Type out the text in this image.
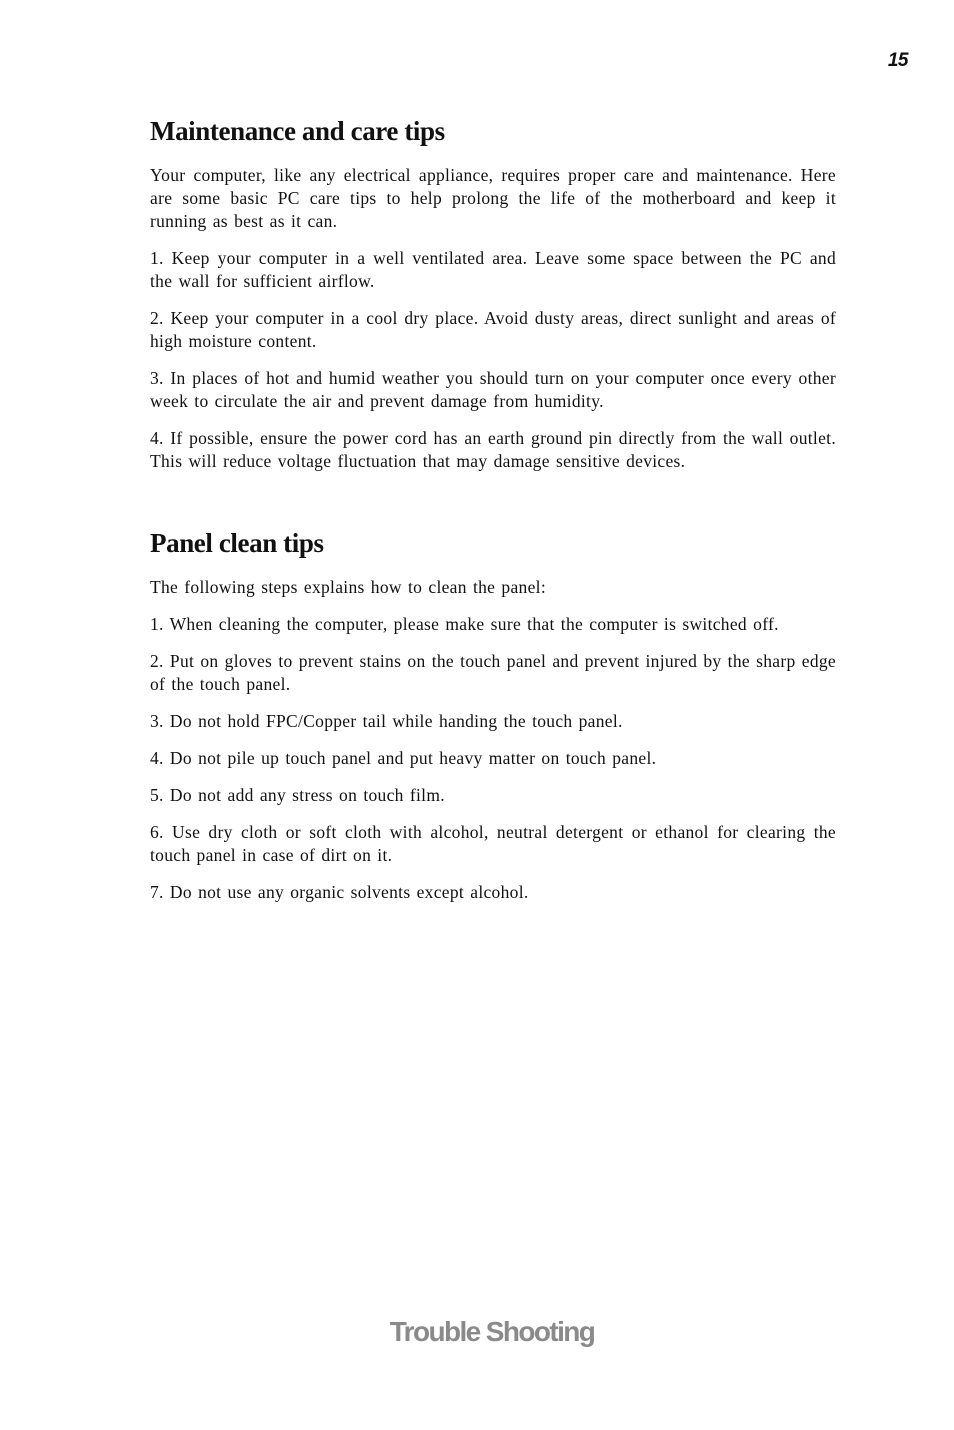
15
Maintenance and care tips

Your computer, like any electrical appliance, requires proper care and maintenance. Here are some basic PC care tips to help prolong the life of the motherboard and keep it running as best as it can.

1. Keep your computer in a well ventilated area. Leave some space between the PC and the wall for sufficient airflow.

2. Keep your computer in a cool dry place. Avoid dusty areas, direct sunlight and areas of high moisture content.

3. In places of hot and humid weather you should turn on your computer once every other week to circulate the air and prevent damage from humidity.

4. If possible, ensure the power cord has an earth ground pin directly from the wall outlet. This will reduce voltage fluctuation that may damage sensitive devices.

Panel clean tips

The following steps explains how to clean the panel:

1. When cleaning the computer, please make sure that the computer is switched off.

2. Put on gloves to prevent stains on the touch panel and prevent injured by the sharp edge of the touch panel.

3. Do not hold FPC/Copper tail while handing the touch panel.

4. Do not pile up touch panel and put heavy matter on touch panel.

5. Do not add any stress on touch film.

6. Use dry cloth or soft cloth with alcohol, neutral detergent or ethanol for clearing the touch panel in case of dirt on it.

7. Do not use any organic solvents except alcohol.

Trouble Shooting
